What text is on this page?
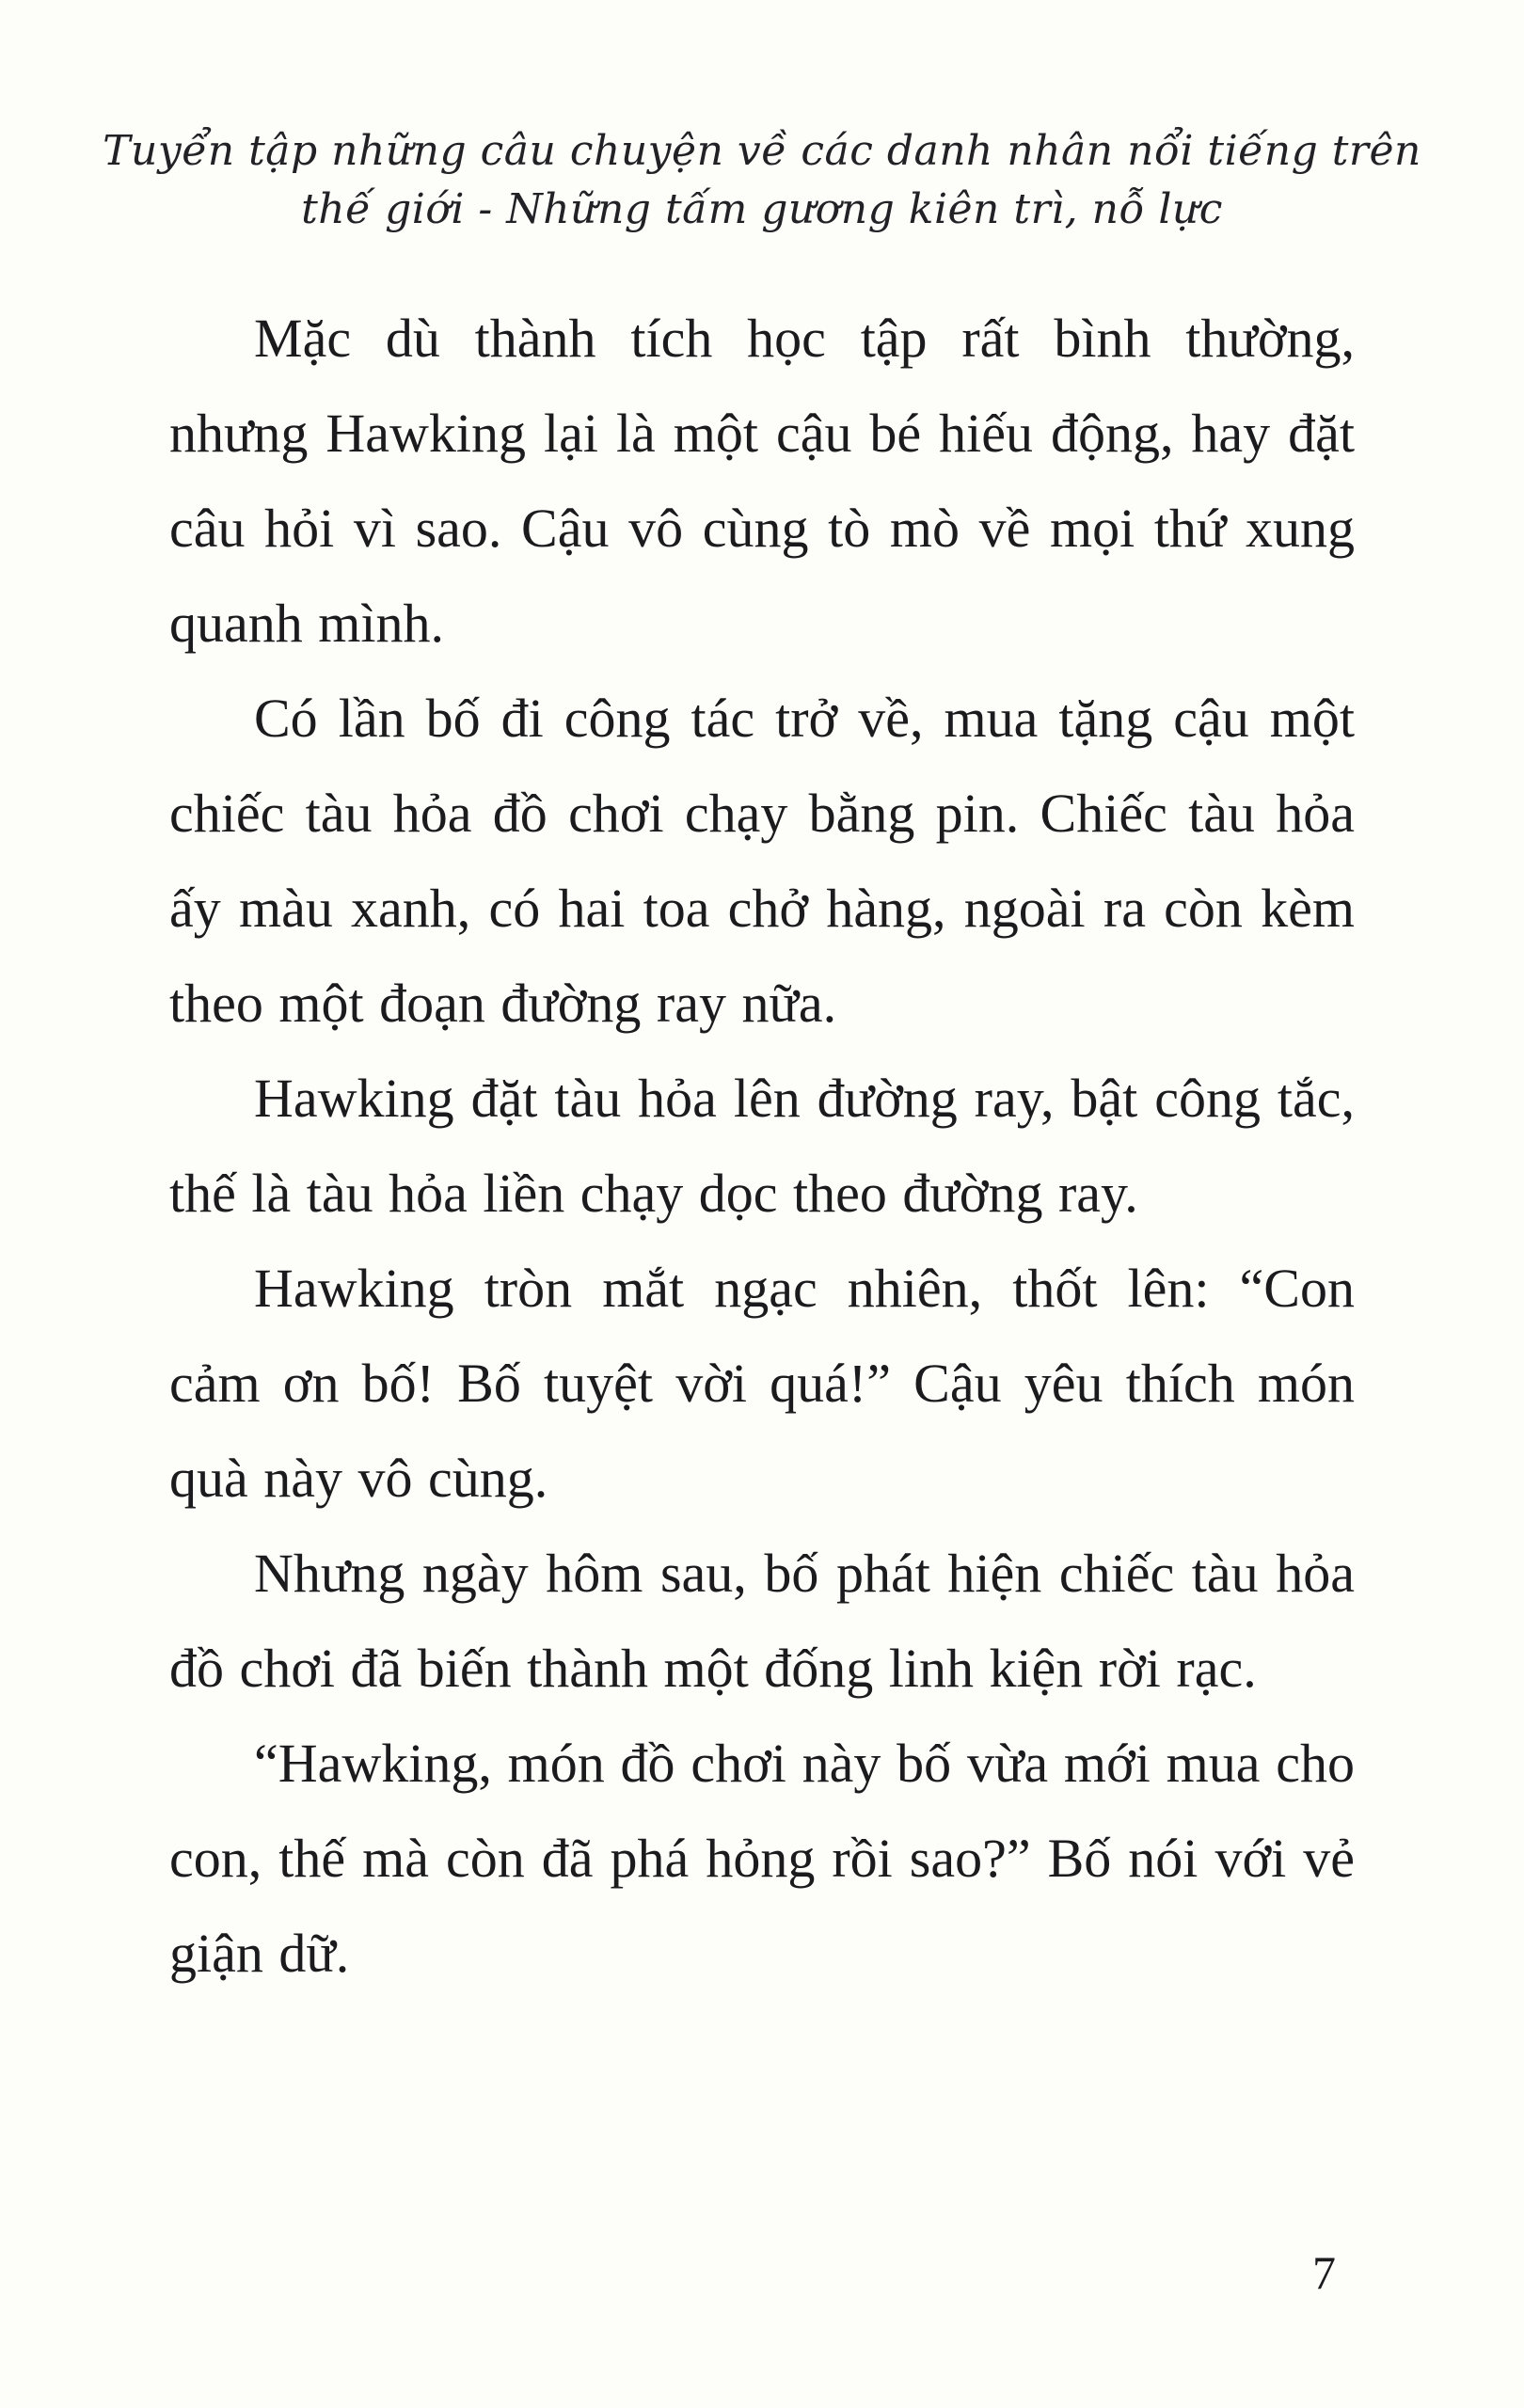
Tuyển tập những câu chuyện về các danh nhân nổi tiếng trên
thế giới - Những tấm gương kiên trì, nỗ lực

Mặc dù thành tích học tập rất bình thường, nhưng Hawking lại là một cậu bé hiếu động, hay đặt câu hỏi vì sao. Cậu vô cùng tò mò về mọi thứ xung quanh mình.

Có lần bố đi công tác trở về, mua tặng cậu một chiếc tàu hỏa đồ chơi chạy bằng pin. Chiếc tàu hỏa ấy màu xanh, có hai toa chở hàng, ngoài ra còn kèm theo một đoạn đường ray nữa.

Hawking đặt tàu hỏa lên đường ray, bật công tắc, thế là tàu hỏa liền chạy dọc theo đường ray.

Hawking tròn mắt ngạc nhiên, thốt lên: “Con cảm ơn bố! Bố tuyệt vời quá!” Cậu yêu thích món quà này vô cùng.

Nhưng ngày hôm sau, bố phát hiện chiếc tàu hỏa đồ chơi đã biến thành một đống linh kiện rời rạc.

“Hawking, món đồ chơi này bố vừa mới mua cho con, thế mà còn đã phá hỏng rồi sao?” Bố nói với vẻ giận dữ.

7
